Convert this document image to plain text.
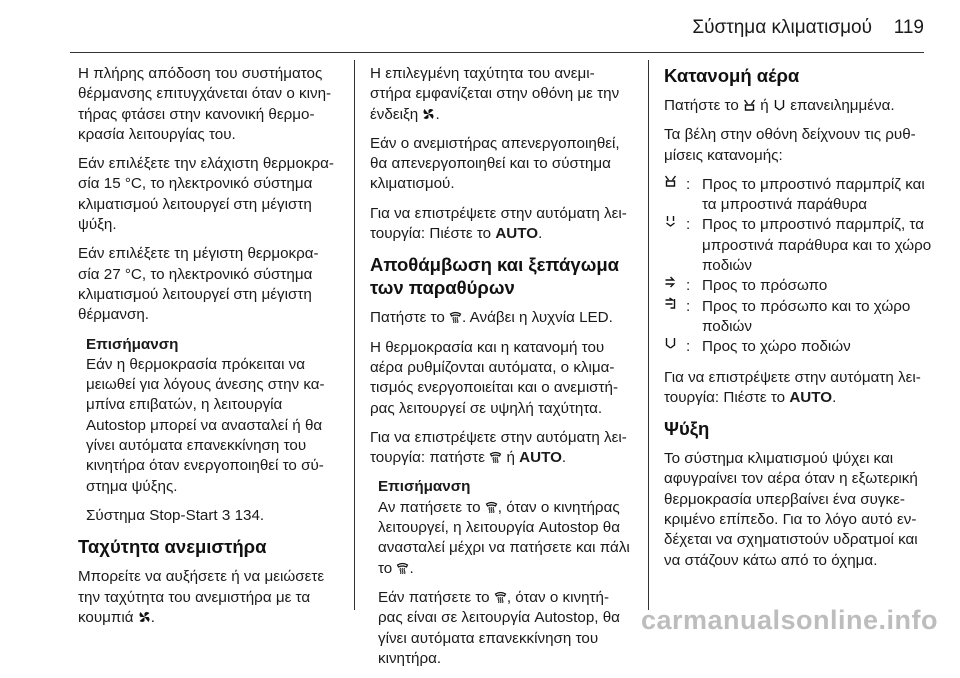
Σύστημα κλιματισμού 119

Η πλήρης απόδοση του συστήματος θέρμανσης επιτυγχάνεται όταν ο κινη-τήρας φτάσει στην κανονική θερμο-κρασία λειτουργίας του.

Εάν επιλέξετε την ελάχιστη θερμοκρα-σία 15 °C, το ηλεκτρονικό σύστημα κλιματισμού λειτουργεί στη μέγιστη ψύξη.

Εάν επιλέξετε τη μέγιστη θερμοκρα-σία 27 °C, το ηλεκτρονικό σύστημα κλιματισμού λειτουργεί στη μέγιστη θέρμανση.

Επισήμανση

Εάν η θερμοκρασία πρόκειται να μειωθεί για λόγους άνεσης στην κα-μπίνα επιβατών, η λειτουργία Autostop μπορεί να ανασταλεί ή θα γίνει αυτόματα επανεκκίνηση του κινητήρα όταν ενεργοποιηθεί το σύ-στημα ψύξης.

Σύστημα Stop-Start 3 134.

Ταχύτητα ανεμιστήρα

Μπορείτε να αυξήσετε ή να μειώσετε την ταχύτητα του ανεμιστήρα με τα κουμπιά .

Η επιλεγμένη ταχύτητα του ανεμι-στήρα εμφανίζεται στην οθόνη με την ένδειξη .

Εάν ο ανεμιστήρας απενεργοποιηθεί, θα απενεργοποιηθεί και το σύστημα κλιματισμού.

Για να επιστρέψετε στην αυτόματη λει-τουργία: Πιέστε το AUTO.

Αποθάμβωση και ξεπάγωμα των παραθύρων

Πατήστε το . Ανάβει η λυχνία LED.

Η θερμοκρασία και η κατανομή του αέρα ρυθμίζονται αυτόματα, ο κλιμα-τισμός ενεργοποιείται και ο ανεμιστή-ρας λειτουργεί σε υψηλή ταχύτητα.

Για να επιστρέψετε στην αυτόματη λει-τουργία: πατήστε ή AUTO.

Επισήμανση

Αν πατήσετε το , όταν ο κινητήρας λειτουργεί, η λειτουργία Autostop θα ανασταλεί μέχρι να πατήσετε και πάλι το .

Εάν πατήσετε το , όταν ο κινητή-ρας είναι σε λειτουργία Autostop, θα γίνει αυτόματα επανεκκίνηση του κινητήρα.

Κατανομή αέρα

Πατήστε το ή επανειλημμένα.

Τα βέλη στην οθόνη δείχνουν τις ρυθ-μίσεις κατανομής:

: Προς το μπροστινό παρμπρίζ και τα μπροστινά παράθυρα
: Προς το μπροστινό παρμπρίζ, τα μπροστινά παράθυρα και το χώρο ποδιών
: Προς το πρόσωπο
: Προς το πρόσωπο και το χώρο ποδιών
: Προς το χώρο ποδιών

Για να επιστρέψετε στην αυτόματη λει-τουργία: Πιέστε το AUTO.

Ψύξη

Το σύστημα κλιματισμού ψύχει και αφυγραίνει τον αέρα όταν η εξωτερική θερμοκρασία υπερβαίνει ένα συγκε-κριμένο επίπεδο. Για το λόγο αυτό εν-δέχεται να σχηματιστούν υδρατμοί και να στάζουν κάτω από το όχημα.

carmanualsonline.info
